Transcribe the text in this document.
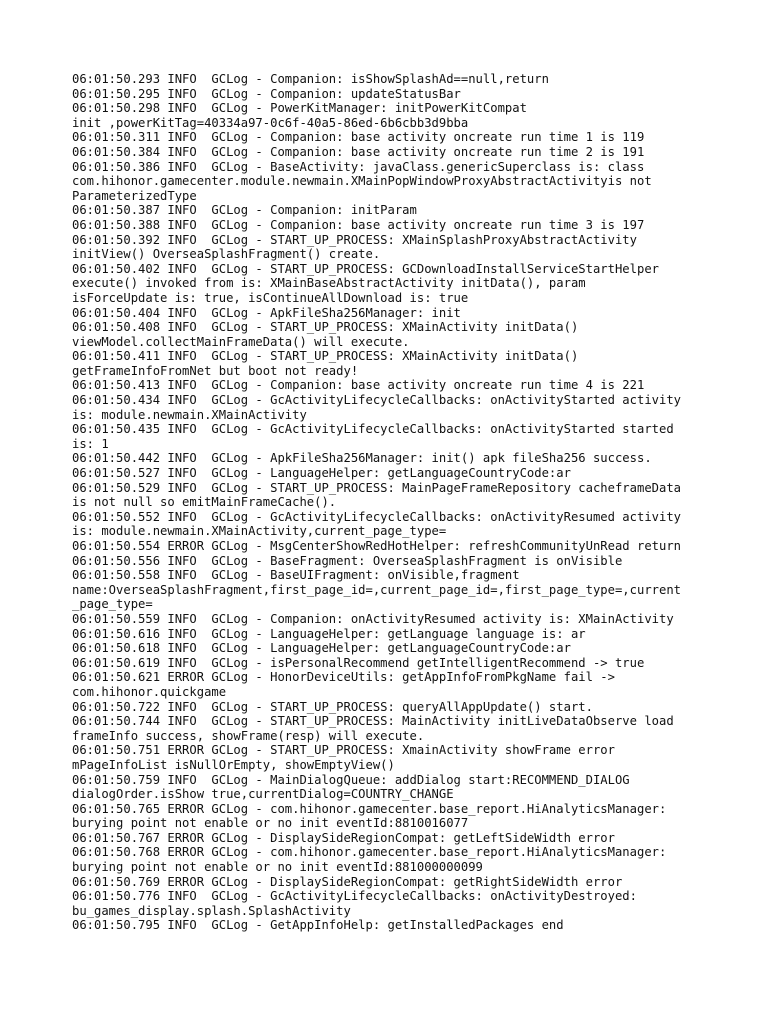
06:01:50.293 INFO  GCLog - Companion: isShowSplashAd==null,return
06:01:50.295 INFO  GCLog - Companion: updateStatusBar
06:01:50.298 INFO  GCLog - PowerKitManager: initPowerKitCompat
init ,powerKitTag=40334a97-0c6f-40a5-86ed-6b6cbb3d9bba
06:01:50.311 INFO  GCLog - Companion: base activity oncreate run time 1 is 119
06:01:50.384 INFO  GCLog - Companion: base activity oncreate run time 2 is 191
06:01:50.386 INFO  GCLog - BaseActivity: javaClass.genericSuperclass is: class
com.hihonor.gamecenter.module.newmain.XMainPopWindowProxyAbstractActivityis not
ParameterizedType
06:01:50.387 INFO  GCLog - Companion: initParam
06:01:50.388 INFO  GCLog - Companion: base activity oncreate run time 3 is 197
06:01:50.392 INFO  GCLog - START_UP_PROCESS: XMainSplashProxyAbstractActivity
initView() OverseaSplashFragment() create.
06:01:50.402 INFO  GCLog - START_UP_PROCESS: GCDownloadInstallServiceStartHelper
execute() invoked from is: XMainBaseAbstractActivity initData(), param
isForceUpdate is: true, isContinueAllDownload is: true
06:01:50.404 INFO  GCLog - ApkFileSha256Manager: init
06:01:50.408 INFO  GCLog - START_UP_PROCESS: XMainActivity initData()
viewModel.collectMainFrameData() will execute.
06:01:50.411 INFO  GCLog - START_UP_PROCESS: XMainActivity initData()
getFrameInfoFromNet but boot not ready!
06:01:50.413 INFO  GCLog - Companion: base activity oncreate run time 4 is 221
06:01:50.434 INFO  GCLog - GcActivityLifecycleCallbacks: onActivityStarted activity
is: module.newmain.XMainActivity
06:01:50.435 INFO  GCLog - GcActivityLifecycleCallbacks: onActivityStarted started
is: 1
06:01:50.442 INFO  GCLog - ApkFileSha256Manager: init() apk fileSha256 success.
06:01:50.527 INFO  GCLog - LanguageHelper: getLanguageCountryCode:ar
06:01:50.529 INFO  GCLog - START_UP_PROCESS: MainPageFrameRepository cacheframeData
is not null so emitMainFrameCache().
06:01:50.552 INFO  GCLog - GcActivityLifecycleCallbacks: onActivityResumed activity
is: module.newmain.XMainActivity,current_page_type=
06:01:50.554 ERROR GCLog - MsgCenterShowRedHotHelper: refreshCommunityUnRead return
06:01:50.556 INFO  GCLog - BaseFragment: OverseaSplashFragment is onVisible
06:01:50.558 INFO  GCLog - BaseUIFragment: onVisible,fragment
name:OverseaSplashFragment,first_page_id=,current_page_id=,first_page_type=,current
_page_type=
06:01:50.559 INFO  GCLog - Companion: onActivityResumed activity is: XMainActivity
06:01:50.616 INFO  GCLog - LanguageHelper: getLanguage language is: ar
06:01:50.618 INFO  GCLog - LanguageHelper: getLanguageCountryCode:ar
06:01:50.619 INFO  GCLog - isPersonalRecommend getIntelligentRecommend -> true
06:01:50.621 ERROR GCLog - HonorDeviceUtils: getAppInfoFromPkgName fail ->
com.hihonor.quickgame
06:01:50.722 INFO  GCLog - START_UP_PROCESS: queryAllAppUpdate() start.
06:01:50.744 INFO  GCLog - START_UP_PROCESS: MainActivity initLiveDataObserve load
frameInfo success, showFrame(resp) will execute.
06:01:50.751 ERROR GCLog - START_UP_PROCESS: XmainActivity showFrame error
mPageInfoList isNullOrEmpty, showEmptyView()
06:01:50.759 INFO  GCLog - MainDialogQueue: addDialog start:RECOMMEND_DIALOG
dialogOrder.isShow true,currentDialog=COUNTRY_CHANGE
06:01:50.765 ERROR GCLog - com.hihonor.gamecenter.base_report.HiAnalyticsManager:
burying point not enable or no init eventId:8810016077
06:01:50.767 ERROR GCLog - DisplaySideRegionCompat: getLeftSideWidth error
06:01:50.768 ERROR GCLog - com.hihonor.gamecenter.base_report.HiAnalyticsManager:
burying point not enable or no init eventId:881000000099
06:01:50.769 ERROR GCLog - DisplaySideRegionCompat: getRightSideWidth error
06:01:50.776 INFO  GCLog - GcActivityLifecycleCallbacks: onActivityDestroyed:
bu_games_display.splash.SplashActivity
06:01:50.795 INFO  GCLog - GetAppInfoHelp: getInstalledPackages end
